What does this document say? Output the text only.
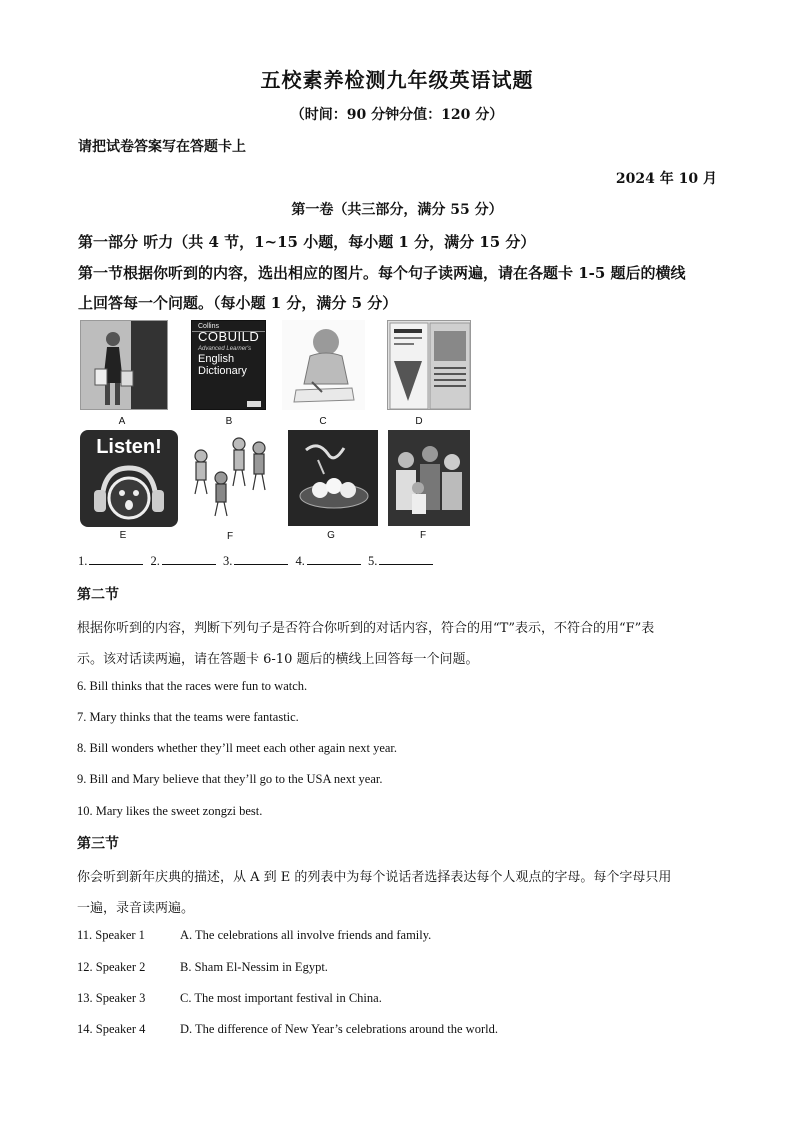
五校素养检测九年级英语试题
（时间：90 分钟分值：120 分）
请把试卷答案写在答题卡上
2024 年 10 月
第一卷（共三部分，满分 55 分）
第一部分 听力（共 4 节，1~15 小题，每小题 1 分，满分 15 分）
第一节根据你听到的内容，选出相应的图片。每个句子读两遍，请在各题卡 1-5 题后的横线
上回答每一个问题。（每小题 1 分，满分 5 分）
A
Collins
COBUILD
Advanced Learner's
English
Dictionary
B	C	D
Listen!
E	F	G	F
1.	2.	3.	4.	5.
第二节
根据你听到的内容，判断下列句子是否符合你听到的对话内容，符合的用“T”表示，不符合的用“F”表
示。该对话读两遍，请在答题卡 6-10 题后的横线上回答每一个问题。
6. Bill thinks that the races were fun to watch.
7. Mary thinks that the teams were fantastic.
8. Bill wonders whether they’ll meet each other again next year.
9. Bill and Mary believe that they’ll go to the USA next year.
10. Mary likes the sweet zongzi best.
第三节
你会听到新年庆典的描述，从 A 到 E 的列表中为每个说话者选择表达每个人观点的字母。每个字母只用
一遍，录音读两遍。
11. Speaker 1	A. The celebrations all involve friends and family.
12. Speaker 2	B. Sham El-Nessim in Egypt.
13. Speaker 3	C. The most important festival in China.
14. Speaker 4	D. The difference of New Year’s celebrations around the world.
